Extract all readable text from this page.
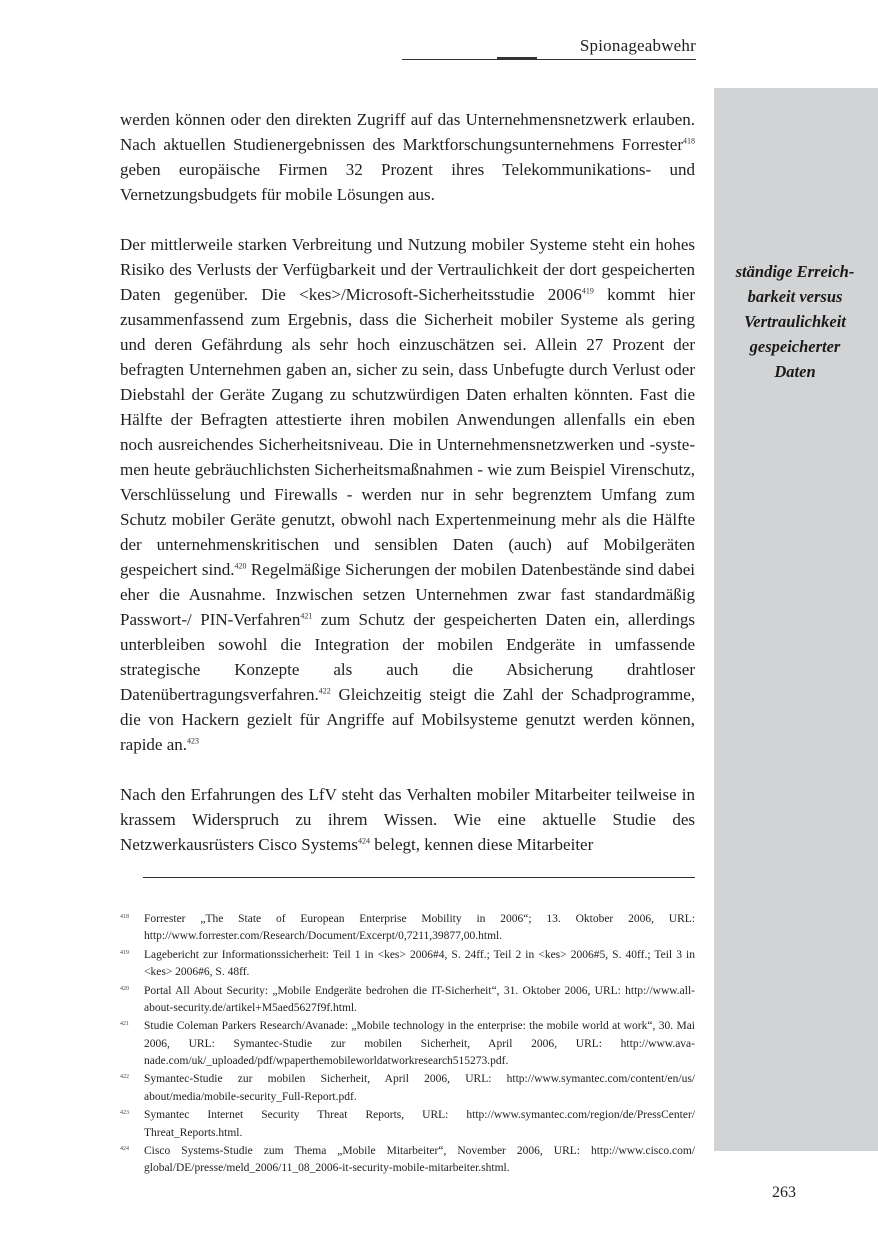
Spionageabwehr
ständige Erreich-
barkeit versus
Vertraulichkeit
gespeicherter
Daten

werden können oder den direkten Zugriff auf das Unternehmensnetzwerk erlauben. Nach aktuellen Studienergebnissen des Marktforschungsunternehmens Forrester$^{418}$ geben europäische Firmen 32 Prozent ihres Telekommunikations- und Vernetzungsbudgets für mobile Lösungen aus.

Der mittlerweile starken Verbreitung und Nutzung mobiler Systeme steht ein hohes Risiko des Verlusts der Verfügbarkeit und der Vertraulichkeit der dort gespeicherten Daten gegenüber. Die <kes>/Microsoft-Sicherheitsstudie 2006$^{419}$ kommt hier zusammenfassend zum Ergebnis, dass die Sicherheit mobiler Systeme als gering und deren Gefährdung als sehr hoch einzuschätzen sei. Allein 27 Prozent der befragten Unternehmen gaben an, sicher zu sein, dass Unbefugte durch Verlust oder Diebstahl der Geräte Zugang zu schutzwürdigen Daten erhalten könnten. Fast die Hälfte der Befragten attestierte ihren mobilen Anwendungen allenfalls ein eben noch ausreichendes Sicherheitsniveau. Die in Unternehmensnetzwerken und -systemen heute gebräuchlichsten Sicherheitsmaßnahmen - wie zum Beispiel Virenschutz, Verschlüsselung und Firewalls - werden nur in sehr begrenztem Umfang zum Schutz mobiler Geräte genutzt, obwohl nach Expertenmeinung mehr als die Hälfte der unternehmenskritischen und sensiblen Daten (auch) auf Mobilgeräten gespeichert sind.$^{420}$ Regelmäßige Sicherungen der mobilen Datenbestände sind dabei eher die Ausnahme. Inzwischen setzen Unternehmen zwar fast standardmäßig Passwort-/ PIN-Verfahren$^{421}$ zum Schutz der gespeicherten Daten ein, allerdings unterbleiben sowohl die Integration der mobilen Endgeräte in umfassende strategische Konzepte als auch die Absicherung drahtloser Datenübertragungsverfahren.$^{422}$ Gleichzeitig steigt die Zahl der Schadprogramme, die von Hackern gezielt für Angriffe auf Mobilsysteme genutzt werden können, rapide an.$^{423}$

Nach den Erfahrungen des LfV steht das Verhalten mobiler Mitarbeiter teilweise in krassem Widerspruch zu ihrem Wissen. Wie eine aktuelle Studie des Netzwerkausrüsters Cisco Systems$^{424}$ belegt, kennen diese Mitarbeiter

418 Forrester „The State of European Enterprise Mobility in 2006“; 13. Oktober 2006, URL: http://www.forrester.com/Research/Document/Excerpt/0,7211,39877,00.html.
419 Lagebericht zur Informationssicherheit: Teil 1 in <kes> 2006#4, S. 24ff.; Teil 2 in <kes> 2006#5, S. 40ff.; Teil 3 in <kes> 2006#6, S. 48ff.
420 Portal All About Security: „Mobile Endgeräte bedrohen die IT-Sicherheit“, 31. Oktober 2006, URL: http://www.all-about-security.de/artikel+M5aed5627f9f.html.
421 Studie Coleman Parkers Research/Avanade: „Mobile technology in the enterprise: the mobile world at work“, 30. Mai 2006, URL: Symantec-Studie zur mobilen Sicherheit, April 2006, URL: http://www.avanade.com/uk/_uploaded/pdf/wpaperthemobileworldatworkresearch515273.pdf.
422 Symantec-Studie zur mobilen Sicherheit, April 2006, URL: http://www.symantec.com/content/en/us/ about/media/mobile-security_Full-Report.pdf.
423 Symantec Internet Security Threat Reports, URL: http://www.symantec.com/region/de/PressCenter/ Threat_Reports.html.
424 Cisco Systems-Studie zum Thema „Mobile Mitarbeiter“, November 2006, URL: http://www.cisco.com/ global/DE/presse/meld_2006/11_08_2006-it-security-mobile-mitarbeiter.shtml.
263
